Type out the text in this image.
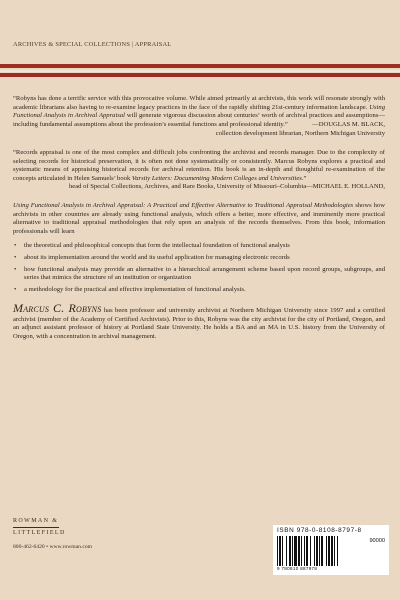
ARCHIVES & SPECIAL COLLECTIONS | APPRAISAL

“Robyns has done a terrific service with this provocative volume. While aimed primarily at archivists, this work will resonate strongly with academic librarians also having to re-examine legacy practices in the face of the rapidly shifting 21st-century information landscape. Using Functional Analysis in Archival Appraisal will generate vigorous discussion about centuries’ worth of archival practices and assumptions—including fundamental assumptions about the profession’s essential functions and professional identity.”	—DOUGLAS M. BLACK,

collection development librarian, Northern Michigan University

“Records appraisal is one of the most complex and difficult jobs confronting the archivist and records manager. Due to the complexity of selecting records for historical preservation, it is often not done systematically or consistently. Marcus Robyns explores a practical and systematic means of appraising historical records for archival retention. His book is an in-depth and thoughtful re-examination of the concepts articulated in Helen Samuels’ book Varsity Letters: Documenting Modern Colleges and Universities.”
—MICHAEL E. HOLLAND,

head of Special Collections, Archives, and Rare Books, University of Missouri–Columbia

Using Functional Analysis in Archival Appraisal: A Practical and Effective Alternative to Traditional Appraisal Methodologies shows how archivists in other countries are already using functional analysis, which offers a better, more effective, and imminently more practical alternative to traditional appraisal methodologies that rely upon an analysis of the records themselves. From this book, information professionals will learn

• the theoretical and philosophical concepts that form the intellectual foundation of functional analysis
• about its implementation around the world and its useful application for managing electronic records
• how functional analysis may provide an alternative to a hierarchical arrangement scheme based upon record groups, subgroups, and series that mimics the structure of an institution or organization
• a methodology for the practical and effective implementation of functional analysis.

Marcus C. Robyns has been professor and university archivist at Northern Michigan University since 1997 and a certified archivist (member of the Academy of Certified Archivists). Prior to this, Robyns was the city archivist for the city of Portland, Oregon, and an adjunct assistant professor of history at Portland State University. He holds a BA and an MA in U.S. history from the University of Oregon, with a concentration in archival management.

ROWMAN &
LITTLEFIELD
800-462-6420 • www.rowman.com
ISBN 978-0-8108-8797-8
90000
9 780810 887978
